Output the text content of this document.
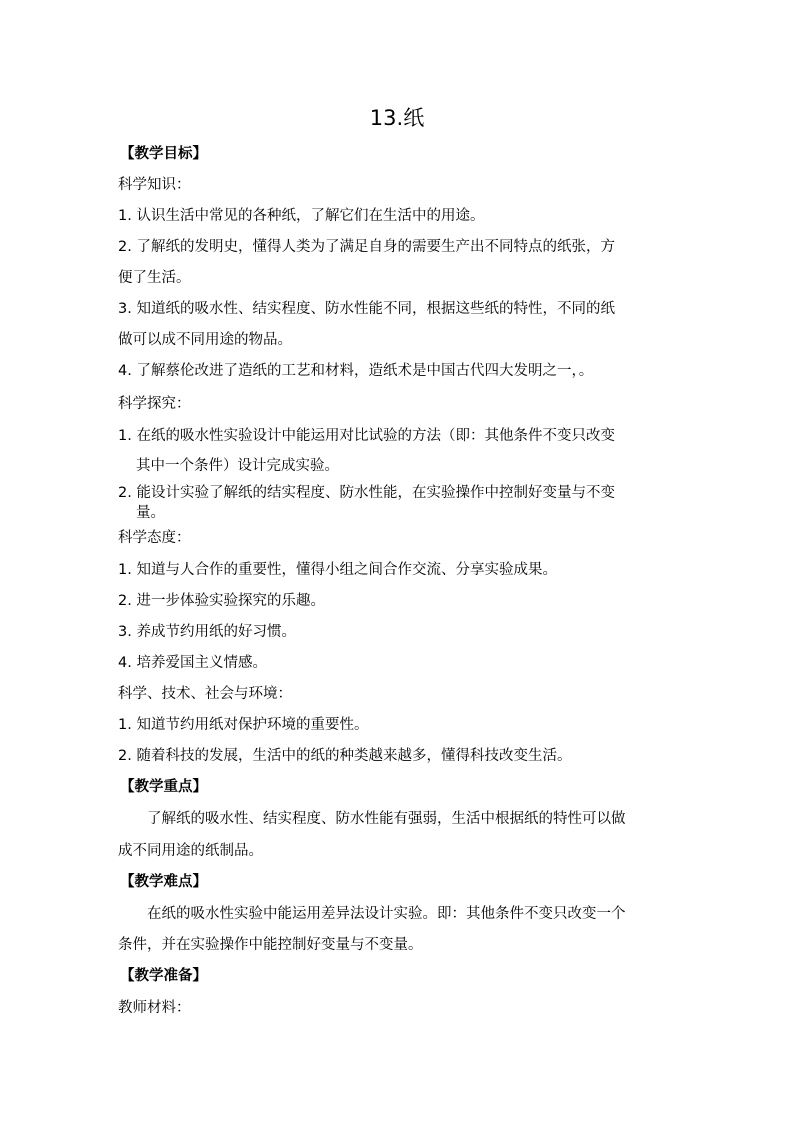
13.纸
【教学目标】
科学知识：
1. 认识生活中常见的各种纸，了解它们在生活中的用途。
2. 了解纸的发明史，懂得人类为了满足自身的需要生产出不同特点的纸张，方
便了生活。
3. 知道纸的吸水性、结实程度、防水性能不同，根据这些纸的特性，不同的纸
做可以成不同用途的物品。
4. 了解蔡伦改进了造纸的工艺和材料，造纸术是中国古代四大发明之一，。
科学探究：
1. 在纸的吸水性实验设计中能运用对比试验的方法（即：其他条件不变只改变
其中一个条件）设计完成实验。
2. 能设计实验了解纸的结实程度、防水性能，在实验操作中控制好变量与不变
量。
科学态度：
1. 知道与人合作的重要性，懂得小组之间合作交流、分享实验成果。
2. 进一步体验实验探究的乐趣。
3. 养成节约用纸的好习惯。
4. 培养爱国主义情感。
科学、技术、社会与环境：
1. 知道节约用纸对保护环境的重要性。
2. 随着科技的发展，生活中的纸的种类越来越多，懂得科技改变生活。
【教学重点】
　　了解纸的吸水性、结实程度、防水性能有强弱，生活中根据纸的特性可以做
成不同用途的纸制品。
【教学难点】
　　在纸的吸水性实验中能运用差异法设计实验。即：其他条件不变只改变一个
条件，并在实验操作中能控制好变量与不变量。
【教学准备】
教师材料：
